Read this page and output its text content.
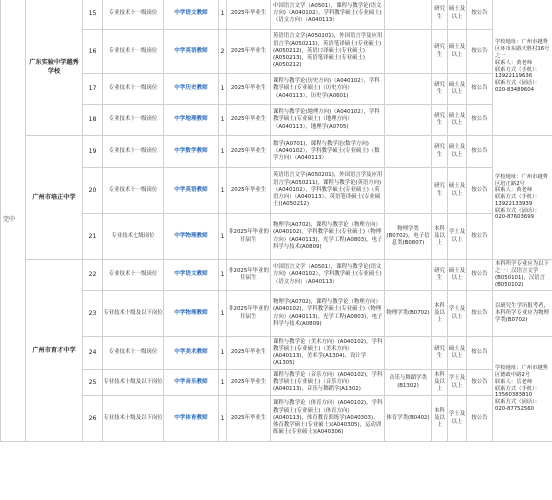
完中	广东实验中学越秀学校	15	专业技术十一级岗位	中学语文教师	1	2025年毕业生	中国语言文学（A0501），课程与教学论(语文方向)（A040102），学科教学硕士(专业硕士)（语文方向）（A040113）		研究生	硕士及以上	按公告	学校地址：广州市越秀区环市东路天胜村16号之一
联系人：黄老师
联系方式（手机）：13922119636
联系方式（固话）：020-83489604
		16	专业技术十一级岗位	中学英语教师	2	2025年毕业生	英语语言文学(A050201)，外国语言学及应用语言学(A050211)，英语笔译硕士(专业硕士)(A050212)，英语口译硕士(专业硕士)(A050213)，英语笔译硕士(专业硕士)(A050212)		研究生	硕士及以上	按公告	
		17	专业技术十一级岗位	中学历史教师	1	2025年毕业生	课程与教学论(历史方向)（A040102），学科教学硕士(专业硕士)（历史方向）（A040113），历史学(A0601)		研究生	硕士及以上	按公告	
		18	专业技术十一级岗位	中学地理教师	1	2025年毕业生	课程与教学论(地理方向)（A040102），学科教学硕士(专业硕士)（地理方向）（A040113），地理学(A0705)		研究生	硕士及以上	按公告	
	广州市培正中学	19	专业技术十一级岗位	中学数学教师	1	2025年毕业生	数学(A0701)，课程与教学论(数学方向)（A040102），学科教学硕士(专业硕士)（数学方向）（A040113）		研究生	硕士及以上	按公告	学校地址：广州市越秀区培正路2号
联系人：黄老师
联系方式（手机）：13922133939
联系方式（固话）：020-87603699
		20	专业技术十一级岗位	中学英语教师	1	2025年毕业生	英语语言文学(A050201)，外国语言学及应用语言学(A050211)，课程与教学论(英语方向)（A040102），学科教学硕士(专业硕士)（英语方向）（A040113），英语笔译硕士(专业硕士)(A050212)		研究生	硕士及以上	按公告	
		21	专业技术七级岗位	中学物理教师	1	非2025年毕业的往届生	物理学(A0702)，课程与教学论（物理方向）(A040102)，学科教学硕士(专业硕士)（物理方向）(A040113)，光学工程(A0803)，电子科学与技术(A0809)	物理学类(B0702)，电子信息类(B0807)	本科及以上	学士及以上	按公告	
	广州市育才中学	22	专业技术十一级岗位	中学语文教师	1	非2025年毕业的往届生	中国语言文学（A0501），课程与教学论(语文方向)（A040102），学科教学硕士(专业硕士)（语文方向）（A040113）		研究生	硕士及以上	按公告	本科所学专业应为以下之一：汉语言文学(B050101)，汉语言(B050102)
		23	专业技术十级及以下岗位	中学物理教师	1	非2025年毕业的往届生	物理学(A0702)，课程与教学论（物理方向）(A040102)，学科教学硕士(专业硕士)（物理方向）(A040113)，光学工程(A0803)，电子科学与技术(A0809)	物理学类(B0702)	本科及以上	学士及以上	按公告	以研究生学历报考者，本科所学专业应为物理学类(B0702)
		24	专业技术十一级岗位	中学美术教师	1	2025年毕业生	课程与教学论（美术方向）(A040102)，学科教学硕士(专业硕士)（美术方向）(A040113)，美术学(A1304)，设计学(A1305)		研究生	硕士及以上	按公告	学校地址：广州市越秀区德政中路2号
联系人：岳老师
联系方式（手机）：13560383810
联系方式（固话）：020-87752560
		25	专业技术十级及以下岗位	中学音乐教师	1	2025年毕业生	课程与教学论（音乐方向）(A040102)，学科教学硕士(专业硕士)（音乐方向）(A040113)，音乐与舞蹈学(A1302)	音乐与舞蹈学类(B1302)	本科及以上	学士及以上	按公告	
		26	专业技术十级及以下岗位	中学体育教师	1	2025年毕业生	课程与教学论（体育方向）(A040102)，学科教学硕士(专业硕士)（体育方向）(A040113)，体育教育训练学(A040303)，体育教学硕士(专业硕士)(A040305)，运动训练硕士(专业硕士)(A040306)	体育学类(B0402)	本科及以上	学士及以上	按公告	
